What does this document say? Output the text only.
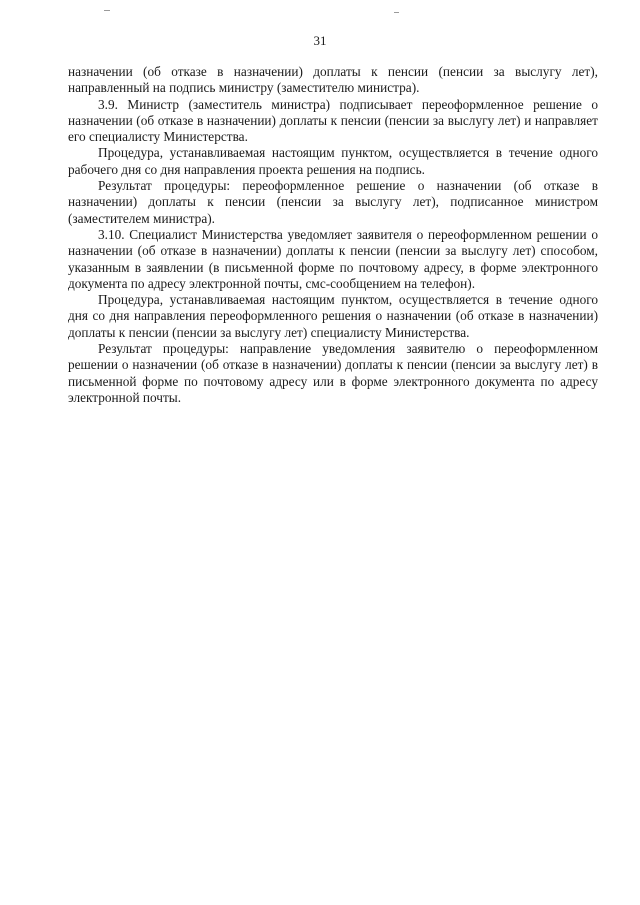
31

назначении (об отказе в назначении) доплаты к пенсии (пенсии за выслугу лет), направленный на подпись министру (заместителю министра).

3.9. Министр (заместитель министра) подписывает переоформленное решение о назначении (об отказе в назначении) доплаты к пенсии (пенсии за выслугу лет) и направляет его специалисту Министерства.

Процедура, устанавливаемая настоящим пунктом, осуществляется в течение одного рабочего дня со дня направления проекта решения на подпись.

Результат процедуры: переоформленное решение о назначении (об отказе в назначении) доплаты к пенсии (пенсии за выслугу лет), подписанное министром (заместителем министра).

3.10. Специалист Министерства уведомляет заявителя о переоформленном решении о назначении (об отказе в назначении) доплаты к пенсии (пенсии за выслугу лет) способом, указанным в заявлении (в письменной форме по почтовому адресу, в форме электронного документа по адресу электронной почты, смс-сообщением на телефон).

Процедура, устанавливаемая настоящим пунктом, осуществляется в течение одного дня со дня направления переоформленного решения о назначении (об отказе в назначении) доплаты к пенсии (пенсии за выслугу лет) специалисту Министерства.

Результат процедуры: направление уведомления заявителю о переоформленном решении о назначении (об отказе в назначении) доплаты к пенсии (пенсии за выслугу лет) в письменной форме по почтовому адресу или в форме электронного документа по адресу электронной почты.
